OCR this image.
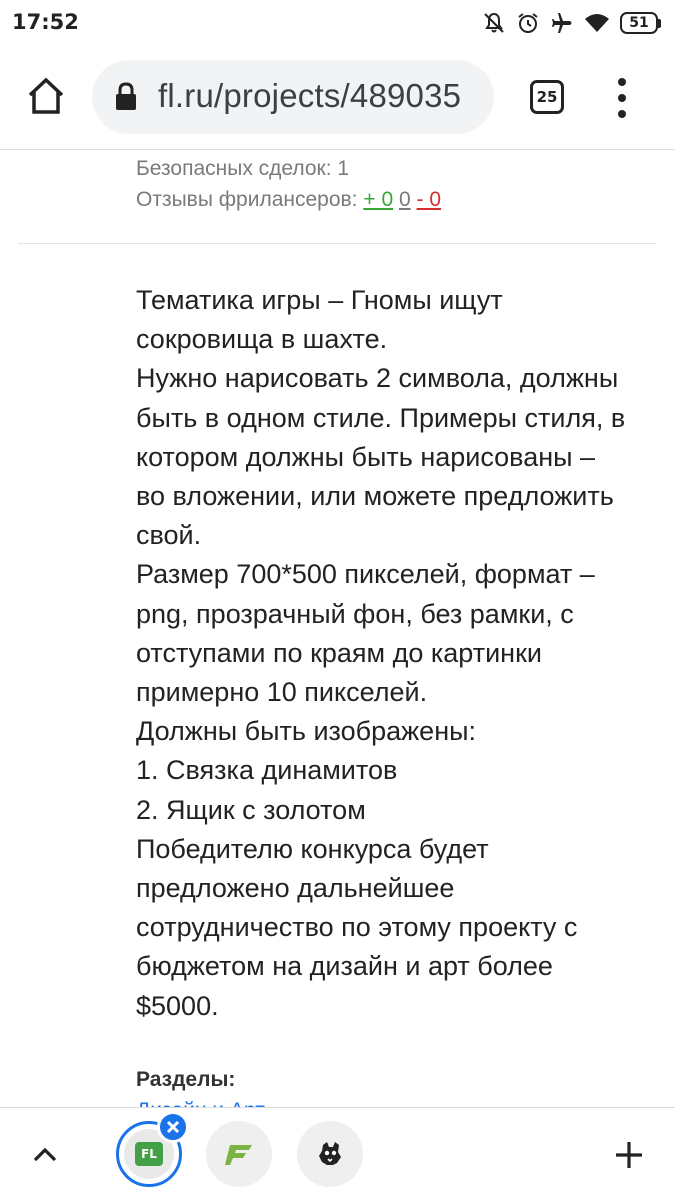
17:52	51
fl.ru/projects/489035	25
Безопасных сделок: 1
Отзывы фрилансеров: + 0 0 - 0
Тематика игры – Гномы ищут
сокровища в шахте.
Нужно нарисовать 2 символа, должны
быть в одном стиле. Примеры стиля, в
котором должны быть нарисованы –
во вложении, или можете предложить
свой.
Размер 700*500 пикселей, формат –
png, прозрачный фон, без рамки, с
отступами по краям до картинки
примерно 10 пикселей.
Должны быть изображены:
1. Связка динамитов
2. Ящик с золотом
Победителю конкурса будет
предложено дальнейшее
сотрудничество по этому проекту с
бюджетом на дизайн и арт более
$5000.
Разделы:
FL
